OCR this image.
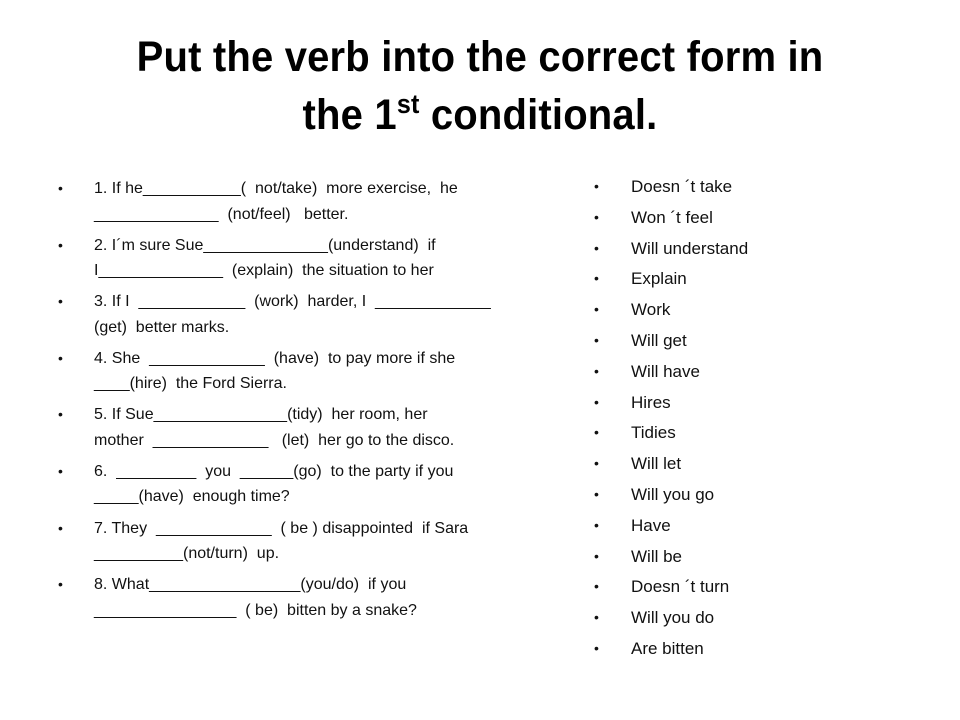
Put the verb into the correct form in
the 1st conditional.
• 1. If he___________(  not/take)  more exercise,  he
______________  (not/feel)   better.
• 2. I´m sure Sue______________(understand)  if
I______________  (explain)  the situation to her
• 3. If I  ____________  (work)  harder, I  _____________
(get)  better marks.
• 4. She  _____________  (have)  to pay more if she
____(hire)  the Ford Sierra.
• 5. If Sue_______________(tidy)  her room, her
mother  _____________   (let)  her go to the disco.
• 6.  _________  you  ______(go)  to the party if you
_____(have)  enough time?
• 7. They  _____________  ( be ) disappointed  if Sara
__________(not/turn)  up.
• 8. What_________________(you/do)  if you
________________  ( be)  bitten by a snake?
• Doesn ´t take
• Won ´t feel
• Will understand
• Explain
• Work
• Will get
• Will have
• Hires
• Tidies
• Will let
• Will you go
• Have
• Will be
• Doesn ´t turn
• Will you do
• Are bitten
